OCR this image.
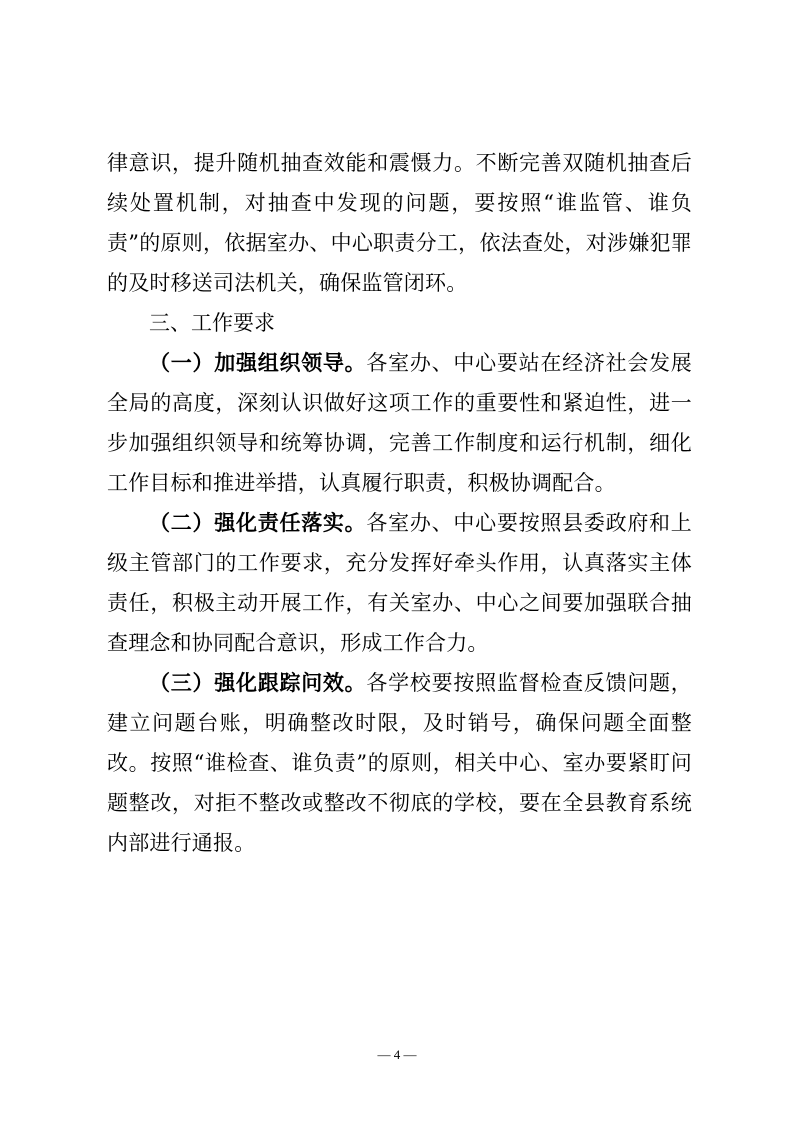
律意识，提升随机抽查效能和震慑力。不断完善双随机抽查后续处置机制，对抽查中发现的问题，要按照“谁监管、谁负责”的原则，依据室办、中心职责分工，依法查处，对涉嫌犯罪的及时移送司法机关，确保监管闭环。

三、工作要求

（一）加强组织领导。各室办、中心要站在经济社会发展全局的高度，深刻认识做好这项工作的重要性和紧迫性，进一步加强组织领导和统筹协调，完善工作制度和运行机制，细化工作目标和推进举措，认真履行职责，积极协调配合。

（二）强化责任落实。各室办、中心要按照县委政府和上级主管部门的工作要求，充分发挥好牵头作用，认真落实主体责任，积极主动开展工作，有关室办、中心之间要加强联合抽查理念和协同配合意识，形成工作合力。

（三）强化跟踪问效。各学校要按照监督检查反馈问题，建立问题台账，明确整改时限，及时销号，确保问题全面整改。按照“谁检查、谁负责”的原则，相关中心、室办要紧盯问题整改，对拒不整改或整改不彻底的学校，要在全县教育系统内部进行通报。

— 4 —
